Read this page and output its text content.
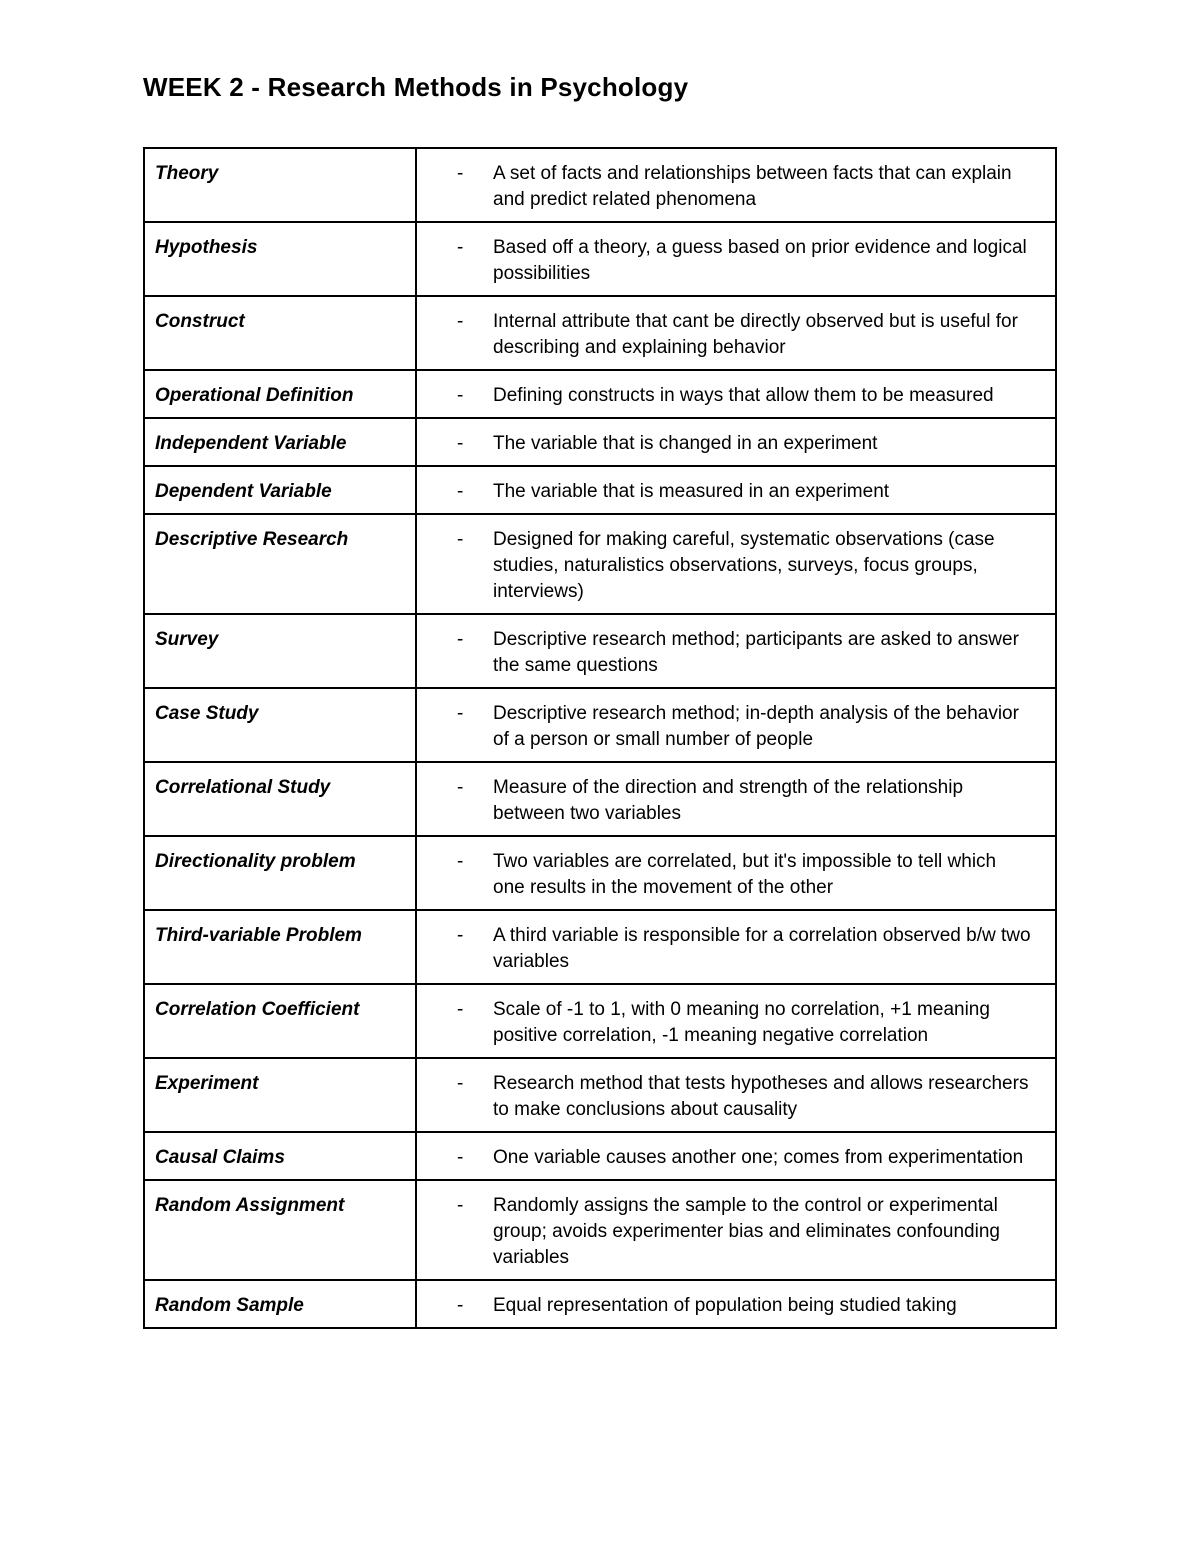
WEEK 2 - Research Methods in Psychology
Theory	- A set of facts and relationships between facts that can explain and predict related phenomena

Hypothesis	- Based off a theory, a guess based on prior evidence and logical possibilities

Construct	- Internal attribute that cant be directly observed but is useful for describing and explaining behavior

Operational Definition	- Defining constructs in ways that allow them to be measured

Independent Variable	- The variable that is changed in an experiment

Dependent Variable	- The variable that is measured in an experiment

Descriptive Research	- Designed for making careful, systematic observations (case studies, naturalistics observations, surveys, focus groups, interviews)

Survey	- Descriptive research method; participants are asked to answer the same questions

Case Study	- Descriptive research method; in-depth analysis of the behavior of a person or small number of people

Correlational Study	- Measure of the direction and strength of the relationship between two variables

Directionality problem	- Two variables are correlated, but it's impossible to tell which one results in the movement of the other

Third-variable Problem	- A third variable is responsible for a correlation observed b/w two variables

Correlation Coefficient	- Scale of -1 to 1, with 0 meaning no correlation, +1 meaning positive correlation, -1 meaning negative correlation

Experiment	- Research method that tests hypotheses and allows researchers to make conclusions about causality

Causal Claims	- One variable causes another one; comes from experimentation

Random Assignment	- Randomly assigns the sample to the control or experimental group; avoids experimenter bias and eliminates confounding variables

Random Sample	- Equal representation of population being studied taking
